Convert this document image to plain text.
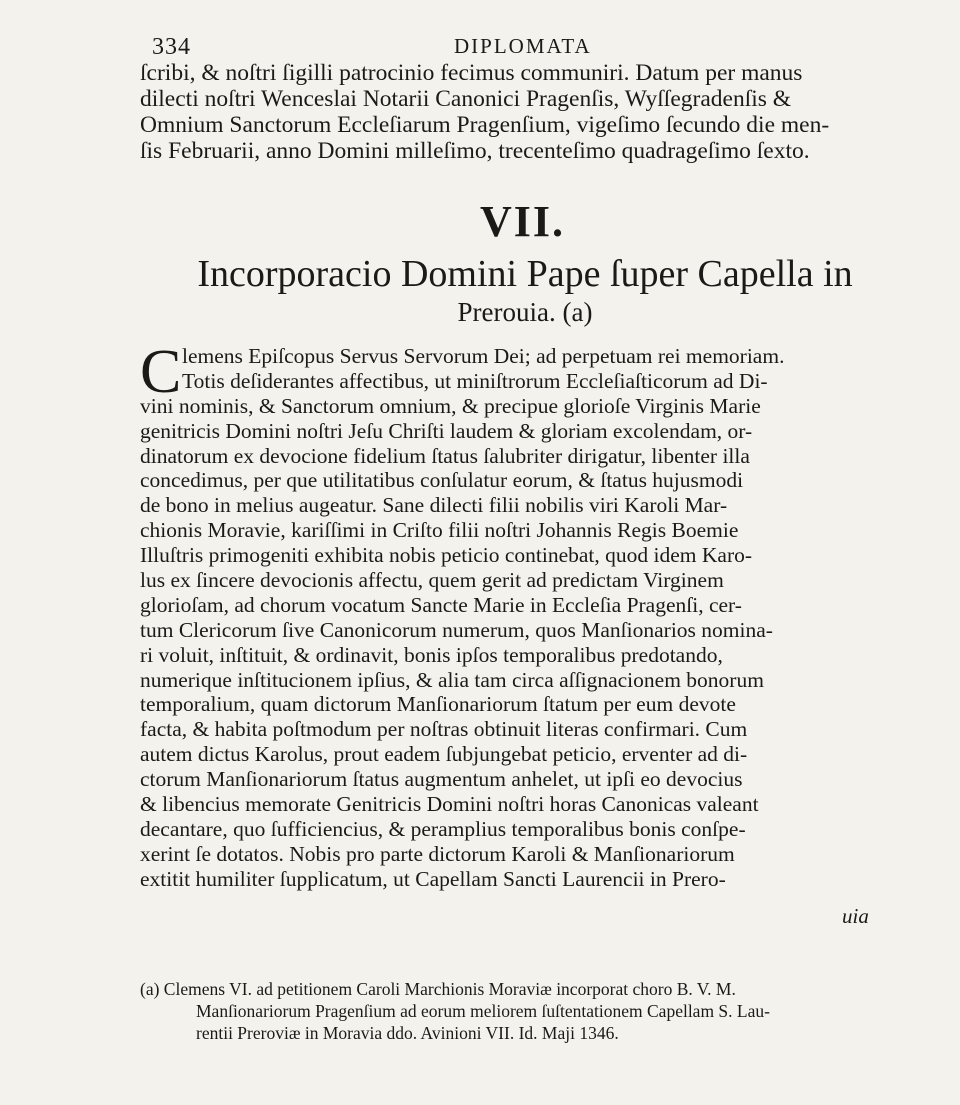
334	DIPLOMATA
ſcribi, & noſtri ſigilli patrocinio fecimus communiri. Datum per manus
dilecti noſtri Wenceslai Notarii Canonici Pragenſis, Wyſſegradenſis &
Omnium Sanctorum Eccleſiarum Pragenſium, vigeſimo ſecundo die men-
ſis Februarii, anno Domini milleſimo, trecenteſimo quadrageſimo ſexto.
VII.
Incorporacio Domini Pape ſuper Capella in
Prerouia. (a)
C lemens Epiſcopus Servus Servorum Dei; ad perpetuam rei memoriam.
Totis deſiderantes affectibus, ut miniſtrorum Eccleſiaſticorum ad Di-
vini nominis, & Sanctorum omnium, & precipue glorioſe Virginis Marie
genitricis Domini noſtri Jeſu Chriſti laudem & gloriam excolendam, or-
dinatorum ex devocione fidelium ſtatus ſalubriter dirigatur, libenter illa
concedimus, per que utilitatibus conſulatur eorum, & ſtatus hujusmodi
de bono in melius augeatur. Sane dilecti filii nobilis viri Karoli Mar-
chionis Moravie, kariſſimi in Criſto filii noſtri Johannis Regis Boemie
Illuſtris primogeniti exhibita nobis peticio continebat, quod idem Karo-
lus ex ſincere devocionis affectu, quem gerit ad predictam Virginem
glorioſam, ad chorum vocatum Sancte Marie in Eccleſia Pragenſi, cer-
tum Clericorum ſive Canonicorum numerum, quos Manſionarios nomina-
ri voluit, inſtituit, & ordinavit, bonis ipſos temporalibus predotando,
numerique inſtitucionem ipſius, & alia tam circa aſſignacionem bonorum
temporalium, quam dictorum Manſionariorum ſtatum per eum devote
facta, & habita poſtmodum per noſtras obtinuit literas confirmari. Cum
autem dictus Karolus, prout eadem ſubjungebat peticio, erventer ad di-
ctorum Manſionariorum ſtatus augmentum anhelet, ut ipſi eo devocius
& libencius memorate Genitricis Domini noſtri horas Canonicas valeant
decantare, quo ſufficiencius, & peramplius temporalibus bonis conſpe-
xerint ſe dotatos. Nobis pro parte dictorum Karoli & Manſionariorum
extitit humiliter ſupplicatum, ut Capellam Sancti Laurencii in Prero-
uia
(a) Clemens VI. ad petitionem Caroli Marchionis Moraviæ incorporat choro B. V. M.
Manſionariorum Pragenſium ad eorum meliorem ſuſtentationem Capellam S. Lau-
rentii Preroviæ in Moravia ddo. Avinioni VII. Id. Maji 1346.
